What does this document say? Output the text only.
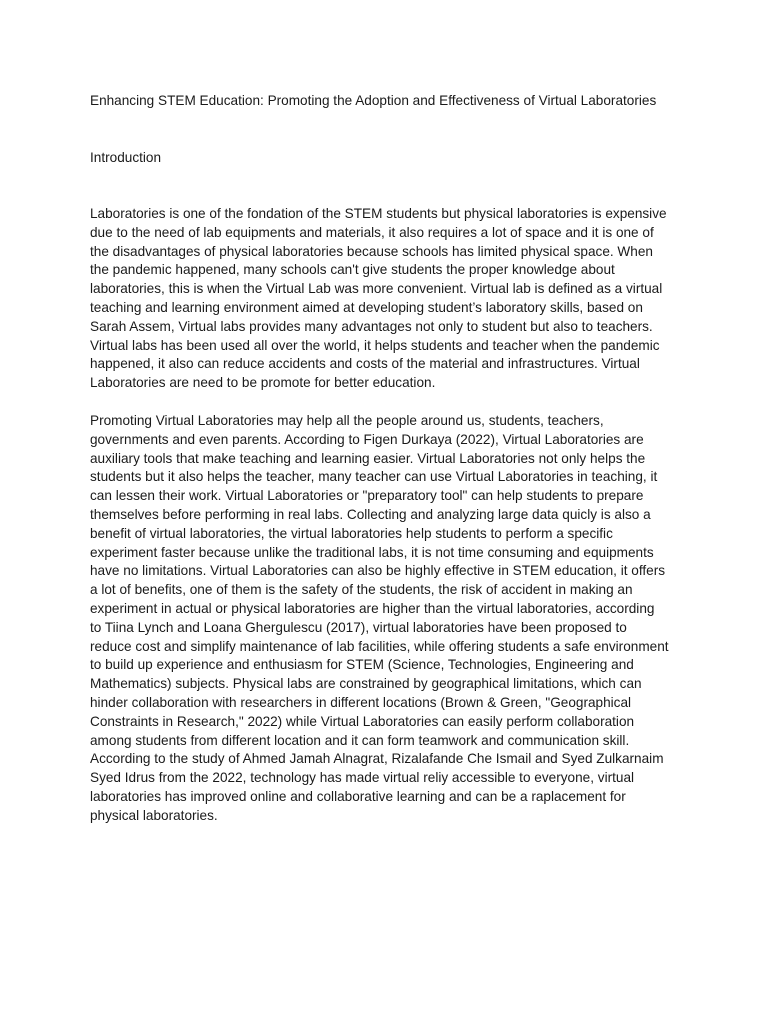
Enhancing STEM Education: Promoting the Adoption and Effectiveness of Virtual Laboratories
Introduction

Laboratories is one of the fondation of the STEM students but physical laboratories is expensive
due to the need of lab equipments and materials, it also requires a lot of space and it is one of
the disadvantages of physical laboratories because schools has limited physical space. When
the pandemic happened, many schools can't give students the proper knowledge about
laboratories, this is when the Virtual Lab was more convenient. Virtual lab is defined as a virtual
teaching and learning environment aimed at developing student’s laboratory skills, based on
Sarah Assem, Virtual labs provides many advantages not only to student but also to teachers.
Virtual labs has been used all over the world, it helps students and teacher when the pandemic
happened, it also can reduce accidents and costs of the material and infrastructures. Virtual
Laboratories are need to be promote for better education.

Promoting Virtual Laboratories may help all the people around us, students, teachers,
governments and even parents. According to Figen Durkaya (2022), Virtual Laboratories are
auxiliary tools that make teaching and learning easier. Virtual Laboratories not only helps the
students but it also helps the teacher, many teacher can use Virtual Laboratories in teaching, it
can lessen their work. Virtual Laboratories or "preparatory tool" can help students to prepare
themselves before performing in real labs. Collecting and analyzing large data quicly is also a
benefit of virtual laboratories, the virtual laboratories help students to perform a specific
experiment faster because unlike the traditional labs, it is not time consuming and equipments
have no limitations. Virtual Laboratories can also be highly effective in STEM education, it offers
a lot of benefits, one of them is the safety of the students, the risk of accident in making an
experiment in actual or physical laboratories are higher than the virtual laboratories, according
to Tiina Lynch and Loana Ghergulescu (2017), virtual laboratories have been proposed to
reduce cost and simplify maintenance of lab facilities, while offering students a safe environment
to build up experience and enthusiasm for STEM (Science, Technologies, Engineering and
Mathematics) subjects. Physical labs are constrained by geographical limitations, which can
hinder collaboration with researchers in different locations (Brown & Green, "Geographical
Constraints in Research," 2022) while Virtual Laboratories can easily perform collaboration
among students from different location and it can form teamwork and communication skill.
According to the study of Ahmed Jamah Alnagrat, Rizalafande Che Ismail and Syed Zulkarnaim
Syed Idrus from the 2022, technology has made virtual reliy accessible to everyone, virtual
laboratories has improved online and collaborative learning and can be a raplacement for
physical laboratories.
